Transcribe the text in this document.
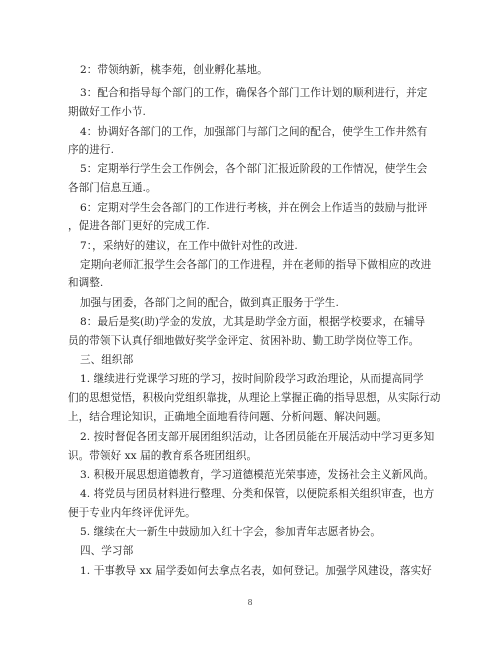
2：带领纳新，桃李苑，创业孵化基地。
3：配合和指导每个部门的工作，确保各个部门工作计划的顺利进行，并定
期做好工作小节.
4：协调好各部门的工作，加强部门与部门之间的配合，使学生工作井然有
序的进行.
5：定期举行学生会工作例会，各个部门汇报近阶段的工作情况，使学生会
各部门信息互通.。
6：定期对学生会各部门的工作进行考核，并在例会上作适当的鼓励与批评
，促进各部门更好的完成工作.
7：，采纳好的建议，在工作中做针对性的改进.
定期向老师汇报学生会各部门的工作进程，并在老师的指导下做相应的改进
和调整.
加强与团委，各部门之间的配合，做到真正服务于学生.
8：最后是奖(助)学金的发放，尤其是助学金方面，根据学校要求，在辅导
员的带领下认真仔细地做好奖学金评定、贫困补助、勤工助学岗位等工作。
三、组织部
1. 继续进行党课学习班的学习，按时间阶段学习政治理论，从而提高同学
们的思想觉悟，积极向党组织靠拢，从理论上掌握正确的指导思想，从实际行动
上，结合理论知识，正确地全面地看待问题、分析问题、解决问题。
2. 按时督促各团支部开展团组织活动，让各团员能在开展活动中学习更多知
识。带领好 xx 届的教育系各班团组织。
3. 积极开展思想道德教育，学习道德模范光荣事迹，发扬社会主义新风尚。
4. 将党员与团员材料进行整理、分类和保管，以便院系相关组织审查，也方
便于专业内年终评优评先。
5. 继续在大一新生中鼓励加入红十字会，参加青年志愿者协会。
四、学习部
1. 干事教导 xx 届学委如何去拿点名表，如何登记。加强学风建设，落实好
8
